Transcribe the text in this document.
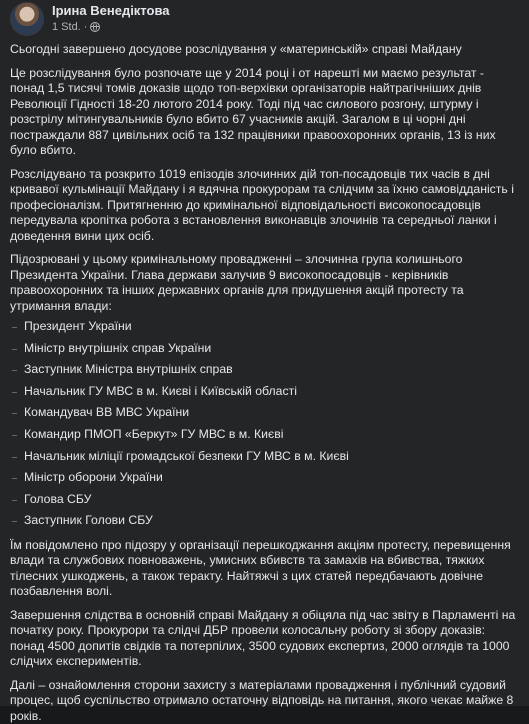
Ірина Венедіктова
1 Std. ·

Сьогодні завершено досудове розслідування у «материнській» справі Майдану

Це розслідування було розпочате ще у 2014 році і от нарешті ми маємо результат - понад 1,5 тисячі томів доказів щодо топ-верхівки організаторів найтрагічніших днів Революції Гідності 18-20 лютого 2014 року. Тоді під час силового розгону, штурму і розстрілу мітингувальників було вбито 67 учасників акцій. Загалом в ці чорні дні постраждали 887 цивільних осіб та 132 працівники правоохоронних органів, 13 із них було вбито.

Розслідувано та розкрито 1019 епізодів злочинних дій топ-посадовців тих часів в дні кривавої кульмінації Майдану і я вдячна прокурорам та слідчим за їхню самовідданість і професіоналізм. Притягненню до кримінальної відповідальності високопосадовців передувала кропітка робота з встановлення виконавців злочинів та середньої ланки і доведення вини цих осіб.

Підозрювані у цьому кримінальному провадженні – злочинна група колишнього Президента України. Глава держави залучив 9 високопосадовців - керівників правоохоронних та інших державних органів для придушення акцій протесту та утримання влади:

Президент України
Міністр внутрішніх справ України
Заступник Міністра внутрішніх справ
Начальник ГУ МВС в м. Києві і Київській області
Командувач ВВ МВС України
Командир ПМОП «Беркут» ГУ МВС в м. Києві
Начальник міліції громадської безпеки ГУ МВС в м. Києві
Міністр оборони України
Голова СБУ
Заступник Голови СБУ

Їм повідомлено про підозру у організації перешкоджання акціям протесту, перевищення влади та службових повноважень, умисних вбивств та замахів на вбивства, тяжких тілесних ушкоджень, а також теракту. Найтяжчі з цих статей передбачають довічне позбавлення волі.

Завершення слідства в основній справі Майдану я обіцяла під час звіту в Парламенті на початку року. Прокурори та слідчі ДБР провели колосальну роботу зі збору доказів: понад 4500 допитів свідків та потерпілих, 3500 судових експертиз, 2000 оглядів та 1000 слідчих експериментів.

Далі – ознайомлення сторони захисту з матеріалами провадження і публічний судовий процес, щоб суспільство отримало остаточну відповідь на питання, якого чекає майже 8 років.
